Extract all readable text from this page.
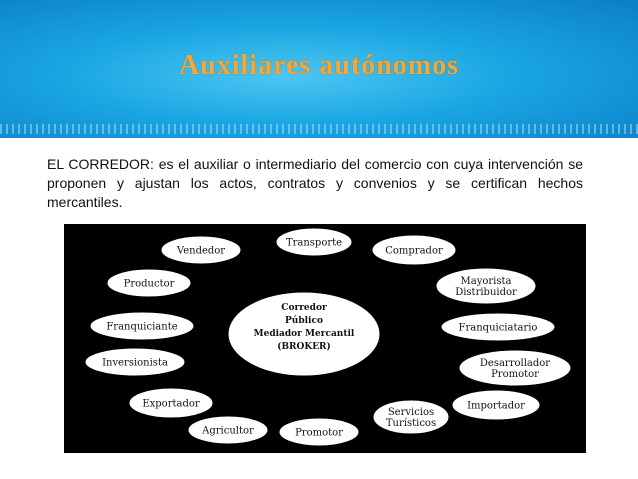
Auxiliares autónomos
EL CORREDOR: es el auxiliar o intermediario del comercio con cuya intervención se proponen y ajustan los actos, contratos y convenios y se certifican hechos mercantiles.
Corredor
Público
Mediador Mercantil
(BROKER)
Transporte
Comprador
Mayorista
Distribuidor
Franquiciatario
Desarrollador
Promotor
Importador
Servicios
Turísticos
Promotor
Agricultor
Exportador
Inversionista
Franquiciante
Productor
Vendedor
